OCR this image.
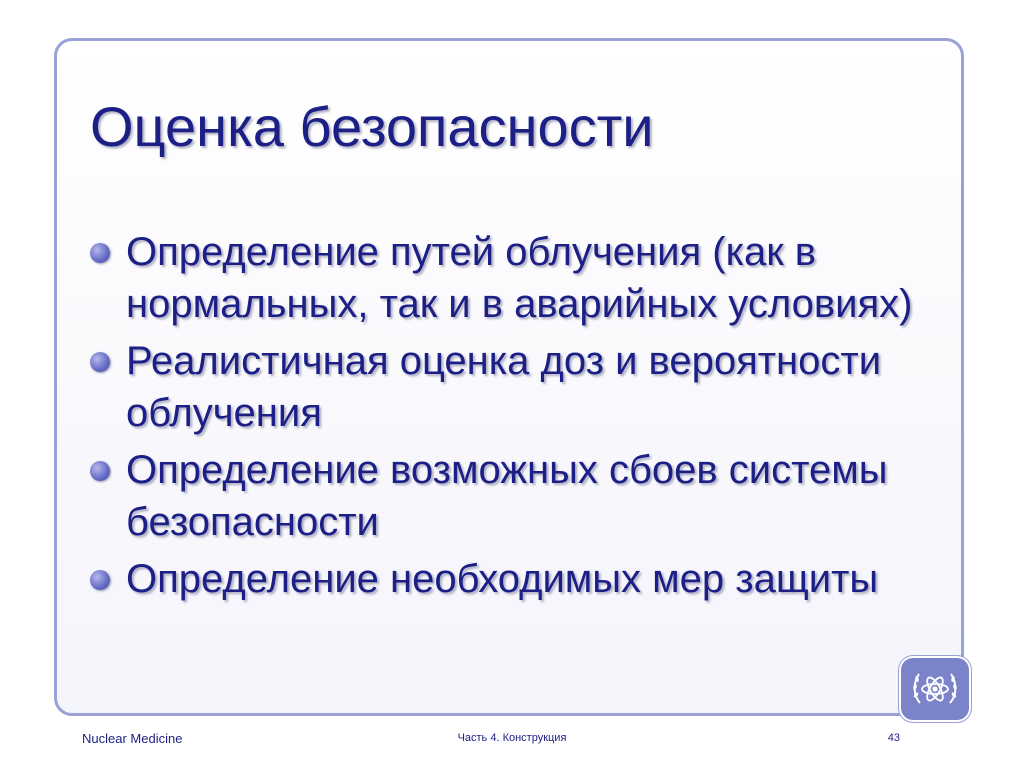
Оценка безопасности
Определение путей облучения (как в нормальных, так и в аварийных условиях)
Реалистичная оценка доз и вероятности облучения
Определение возможных сбоев системы безопасности
Определение необходимых мер защиты
Nuclear Medicine	Часть 4. Конструкция	43
